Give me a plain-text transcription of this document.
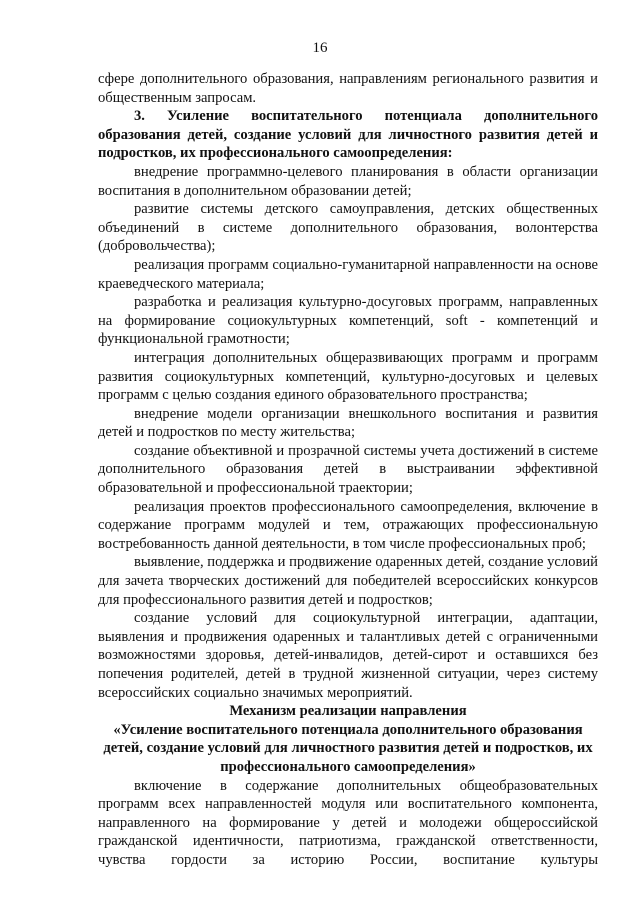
16

сфере дополнительного образования, направлениям регионального развития и общественным запросам.

3. Усиление воспитательного потенциала дополнительного образования детей, создание условий для личностного развития детей и подростков, их профессионального самоопределения:

внедрение программно-целевого планирования в области организации воспитания в дополнительном образовании детей;

развитие системы детского самоуправления, детских общественных объединений в системе дополнительного образования, волонтерства (добровольчества);

реализация программ социально-гуманитарной направленности на основе краеведческого материала;

разработка и реализация культурно-досуговых программ, направленных на формирование социокультурных компетенций, soft - компетенций и функциональной грамотности;

интеграция дополнительных общеразвивающих программ и программ развития социокультурных компетенций, культурно-досуговых и целевых программ с целью создания единого образовательного пространства;

внедрение модели организации внешкольного воспитания и развития детей и подростков по месту жительства;

создание объективной и прозрачной системы учета достижений в системе дополнительного образования детей в выстраивании эффективной образовательной и профессиональной траектории;

реализация проектов профессионального самоопределения, включение в содержание программ модулей и тем, отражающих профессиональную востребованность данной деятельности, в том числе профессиональных проб;

выявление, поддержка и продвижение одаренных детей, создание условий для зачета творческих достижений для победителей всероссийских конкурсов для профессионального развития детей и подростков;

создание условий для социокультурной интеграции, адаптации, выявления и продвижения одаренных и талантливых детей с ограниченными возможностями здоровья, детей-инвалидов, детей-сирот и оставшихся без попечения родителей, детей в трудной жизненной ситуации, через систему всероссийских социально значимых мероприятий.

Механизм реализации направления

«Усиление воспитательного потенциала дополнительного образования детей, создание условий для личностного развития детей и подростков, их профессионального самоопределения»

включение в содержание дополнительных общеобразовательных программ всех направленностей модуля или воспитательного компонента, направленного на формирование у детей и молодежи общероссийской гражданской идентичности, патриотизма, гражданской ответственности, чувства гордости за историю России, воспитание культуры
